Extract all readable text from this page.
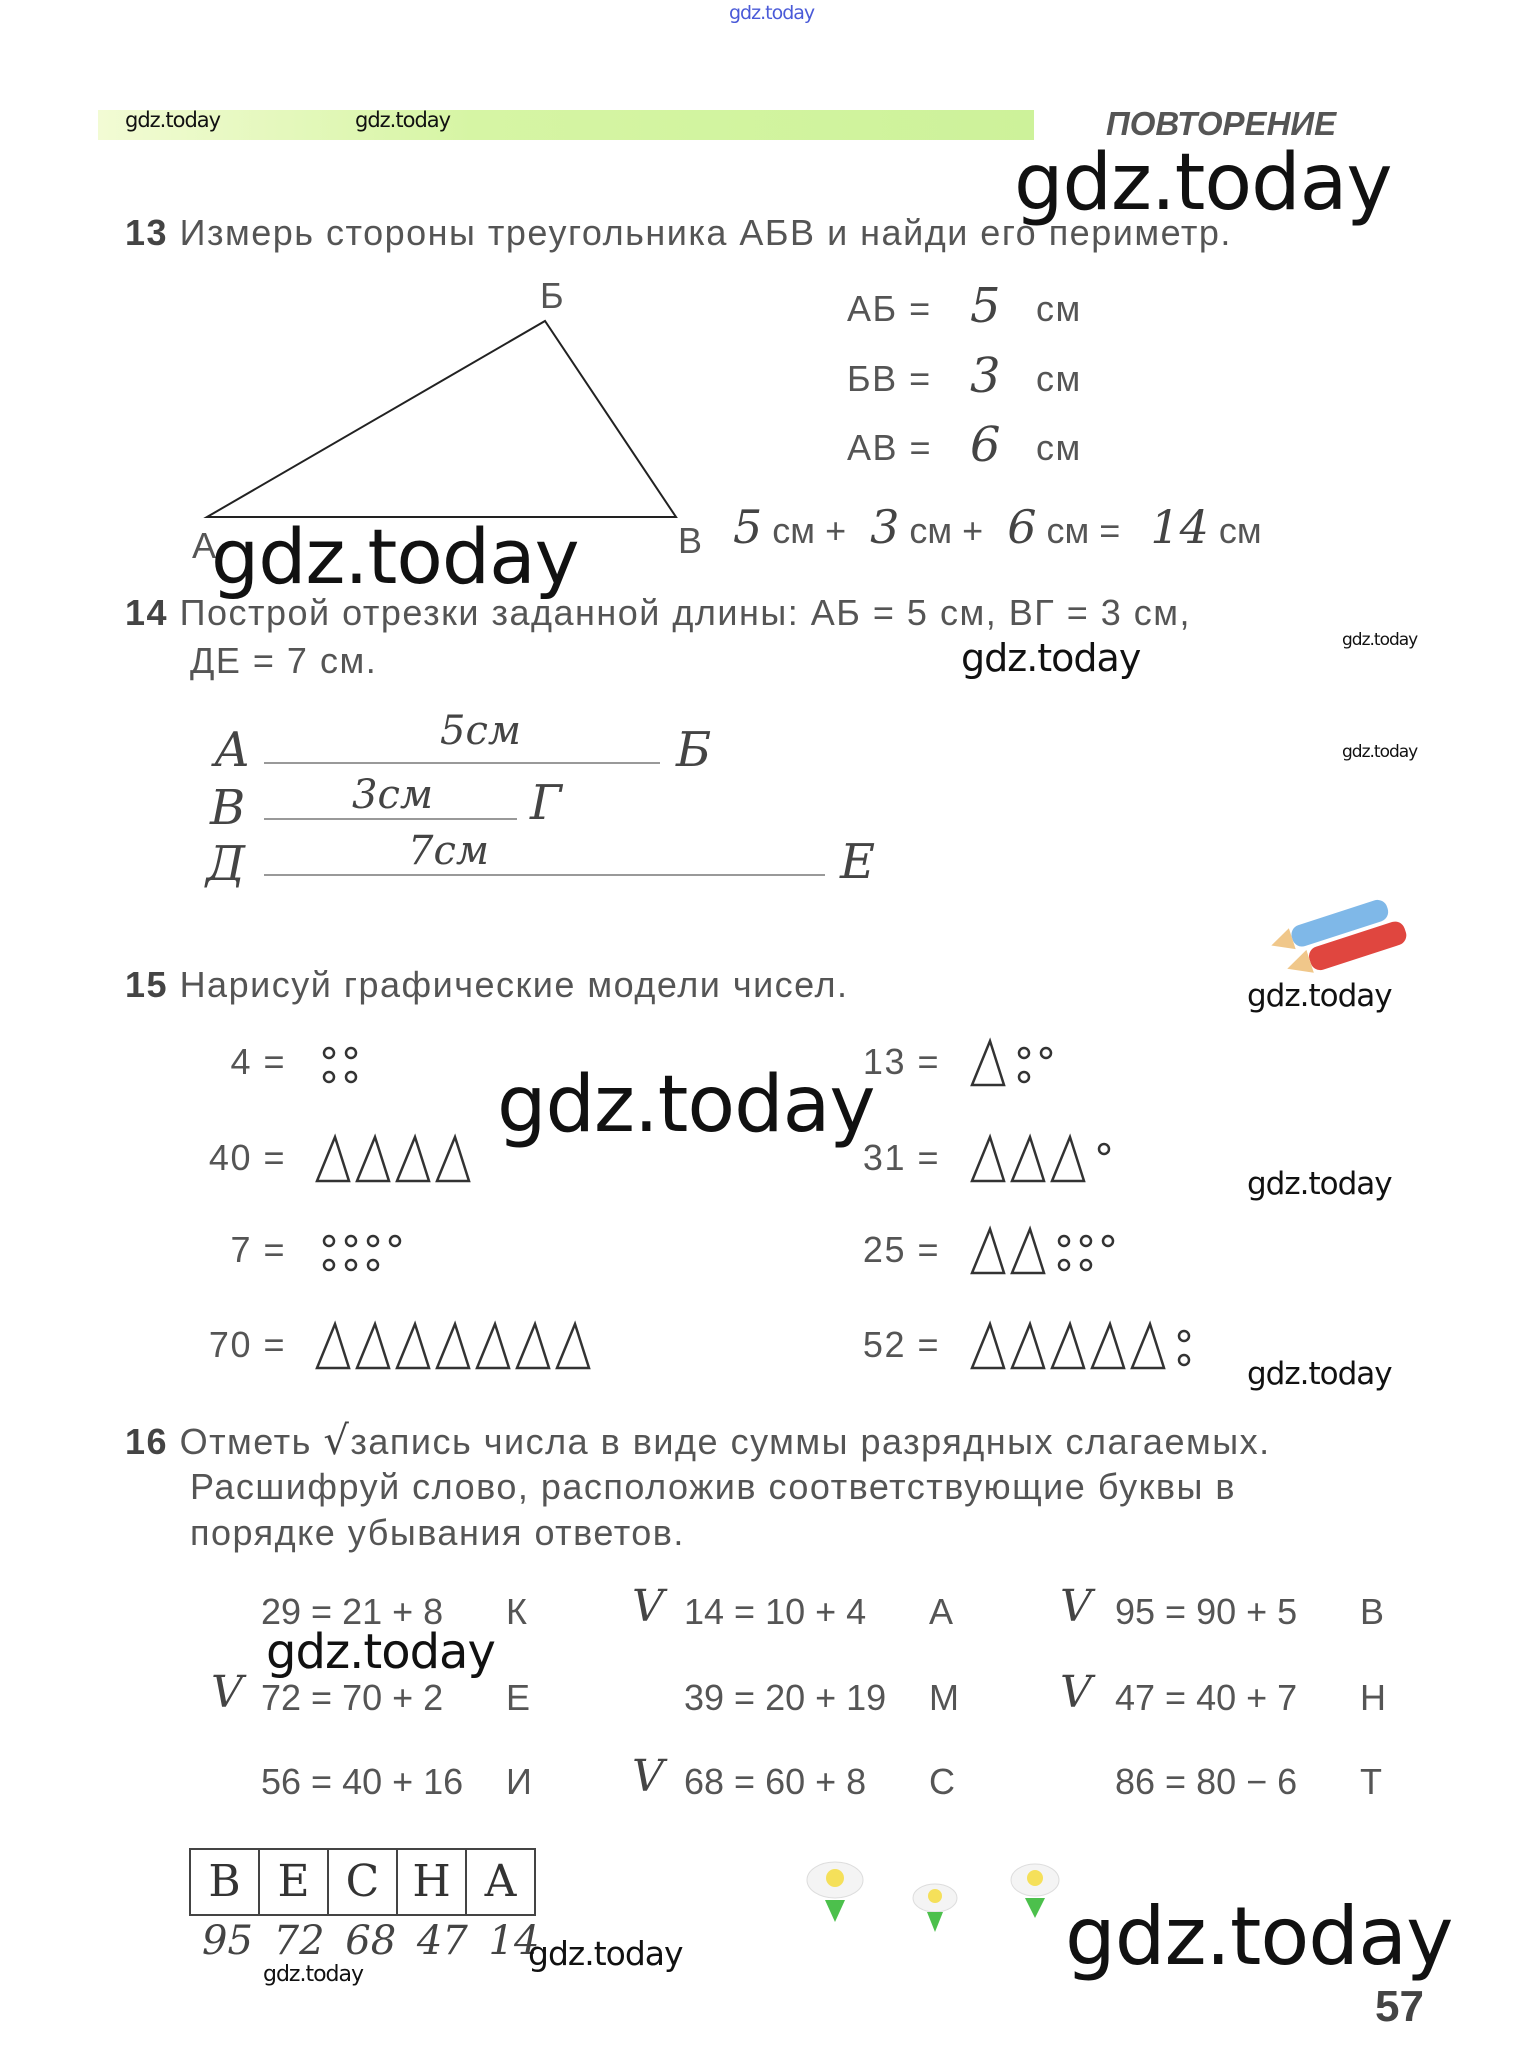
gdz.today
gdz.today	gdz.today	ПОВТОРЕНИЕ
gdz.today
13 Измерь стороны треугольника АБВ и найди его периметр.
А
Б
В 5 см + 3 см + 6 см = 14 см
gdz.today
14 Построй отрезки заданной длины: АБ = 5 см, ВГ = 3 см,
ДЕ = 7 см.	gdz.today	gdz.today
gdz.today
А	Б
5см
В	Г
3см
Д	Е
7см
gdz.today
15 Нарисуй графические модели чисел.
gdz.today
gdz.today
gdz.today
16 Отметь √запись числа в виде суммы разрядных слагаемых.
Расшифруй слово, расположив соответствующие буквы в
порядке убывания ответов.
gdz.today
В Е С Н А
95 72 68 47 14
gdz.today
gdz.today	gdz.today
57
АБ = 5 см
БВ = 3 см
АВ = 6 см
4 =	13 =
40 =	31 =
7 =	25 =
70 =	52 =
29 = 21 + 8 К V 14 = 10 + 4 А V 95 = 90 + 5 В
V 72 = 70 + 2 Е	39 = 20 + 19 М V 47 = 40 + 7 Н
56 = 40 + 16 И V 68 = 60 + 8 С	86 = 80 − 6 Т
